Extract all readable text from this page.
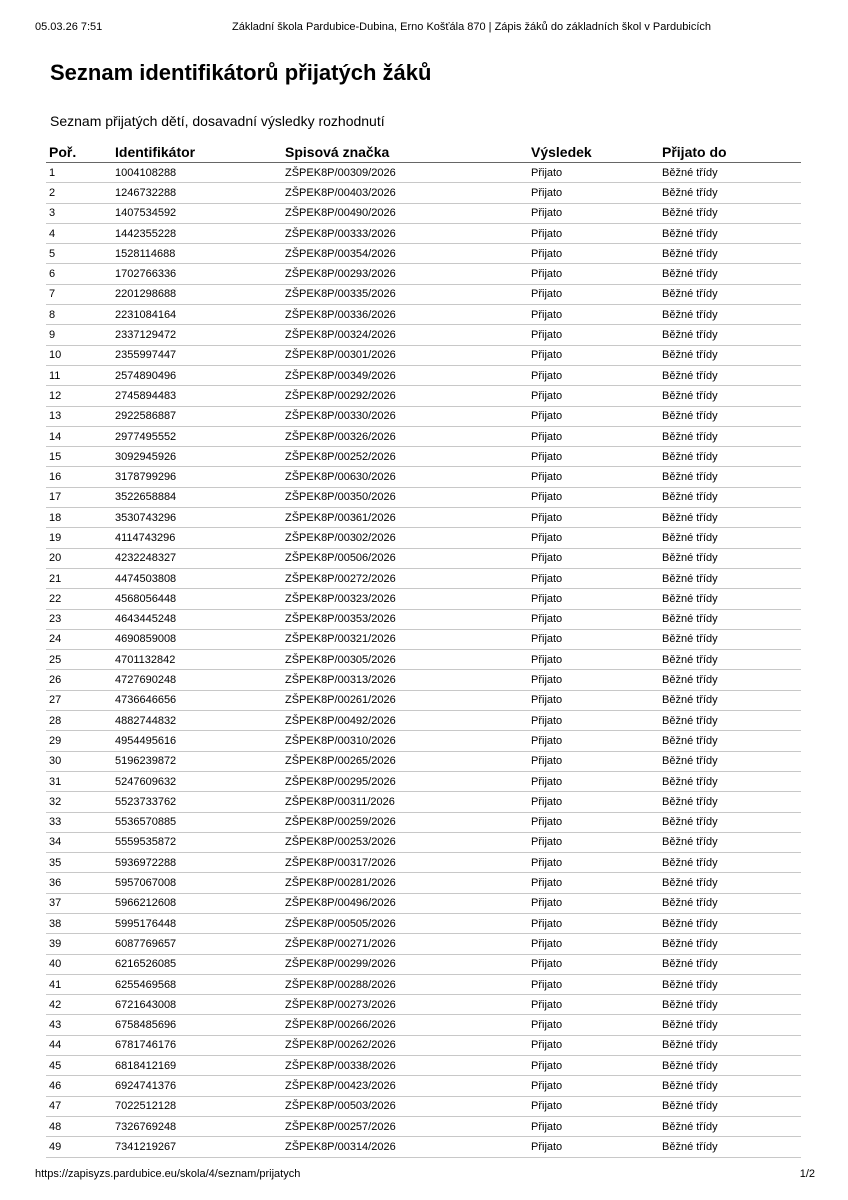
05.03.26 7:51	Základní škola Pardubice-Dubina, Erno Košťála 870 | Zápis žáků do základních škol v Pardubicích
Seznam identifikátorů přijatých žáků
Seznam přijatých dětí, dosavadní výsledky rozhodnutí
Poř.	Identifikátor	Spisová značka	Výsledek	Přijato do
1	1004108288	ZŠPEK8P/00309/2026	Přijato	Běžné třídy
2	1246732288	ZŠPEK8P/00403/2026	Přijato	Běžné třídy
3	1407534592	ZŠPEK8P/00490/2026	Přijato	Běžné třídy
4	1442355228	ZŠPEK8P/00333/2026	Přijato	Běžné třídy
5	1528114688	ZŠPEK8P/00354/2026	Přijato	Běžné třídy
6	1702766336	ZŠPEK8P/00293/2026	Přijato	Běžné třídy
7	2201298688	ZŠPEK8P/00335/2026	Přijato	Běžné třídy
8	2231084164	ZŠPEK8P/00336/2026	Přijato	Běžné třídy
9	2337129472	ZŠPEK8P/00324/2026	Přijato	Běžné třídy
10	2355997447	ZŠPEK8P/00301/2026	Přijato	Běžné třídy
11	2574890496	ZŠPEK8P/00349/2026	Přijato	Běžné třídy
12	2745894483	ZŠPEK8P/00292/2026	Přijato	Běžné třídy
13	2922586887	ZŠPEK8P/00330/2026	Přijato	Běžné třídy
14	2977495552	ZŠPEK8P/00326/2026	Přijato	Běžné třídy
15	3092945926	ZŠPEK8P/00252/2026	Přijato	Běžné třídy
16	3178799296	ZŠPEK8P/00630/2026	Přijato	Běžné třídy
17	3522658884	ZŠPEK8P/00350/2026	Přijato	Běžné třídy
18	3530743296	ZŠPEK8P/00361/2026	Přijato	Běžné třídy
19	4114743296	ZŠPEK8P/00302/2026	Přijato	Běžné třídy
20	4232248327	ZŠPEK8P/00506/2026	Přijato	Běžné třídy
21	4474503808	ZŠPEK8P/00272/2026	Přijato	Běžné třídy
22	4568056448	ZŠPEK8P/00323/2026	Přijato	Běžné třídy
23	4643445248	ZŠPEK8P/00353/2026	Přijato	Běžné třídy
24	4690859008	ZŠPEK8P/00321/2026	Přijato	Běžné třídy
25	4701132842	ZŠPEK8P/00305/2026	Přijato	Běžné třídy
26	4727690248	ZŠPEK8P/00313/2026	Přijato	Běžné třídy
27	4736646656	ZŠPEK8P/00261/2026	Přijato	Běžné třídy
28	4882744832	ZŠPEK8P/00492/2026	Přijato	Běžné třídy
29	4954495616	ZŠPEK8P/00310/2026	Přijato	Běžné třídy
30	5196239872	ZŠPEK8P/00265/2026	Přijato	Běžné třídy
31	5247609632	ZŠPEK8P/00295/2026	Přijato	Běžné třídy
32	5523733762	ZŠPEK8P/00311/2026	Přijato	Běžné třídy
33	5536570885	ZŠPEK8P/00259/2026	Přijato	Běžné třídy
34	5559535872	ZŠPEK8P/00253/2026	Přijato	Běžné třídy
35	5936972288	ZŠPEK8P/00317/2026	Přijato	Běžné třídy
36	5957067008	ZŠPEK8P/00281/2026	Přijato	Běžné třídy
37	5966212608	ZŠPEK8P/00496/2026	Přijato	Běžné třídy
38	5995176448	ZŠPEK8P/00505/2026	Přijato	Běžné třídy
39	6087769657	ZŠPEK8P/00271/2026	Přijato	Běžné třídy
40	6216526085	ZŠPEK8P/00299/2026	Přijato	Běžné třídy
41	6255469568	ZŠPEK8P/00288/2026	Přijato	Běžné třídy
42	6721643008	ZŠPEK8P/00273/2026	Přijato	Běžné třídy
43	6758485696	ZŠPEK8P/00266/2026	Přijato	Běžné třídy
44	6781746176	ZŠPEK8P/00262/2026	Přijato	Běžné třídy
45	6818412169	ZŠPEK8P/00338/2026	Přijato	Běžné třídy
46	6924741376	ZŠPEK8P/00423/2026	Přijato	Běžné třídy
47	7022512128	ZŠPEK8P/00503/2026	Přijato	Běžné třídy
48	7326769248	ZŠPEK8P/00257/2026	Přijato	Běžné třídy
49	7341219267	ZŠPEK8P/00314/2026	Přijato	Běžné třídy
https://zapisyzs.pardubice.eu/skola/4/seznam/prijatych	1/2
